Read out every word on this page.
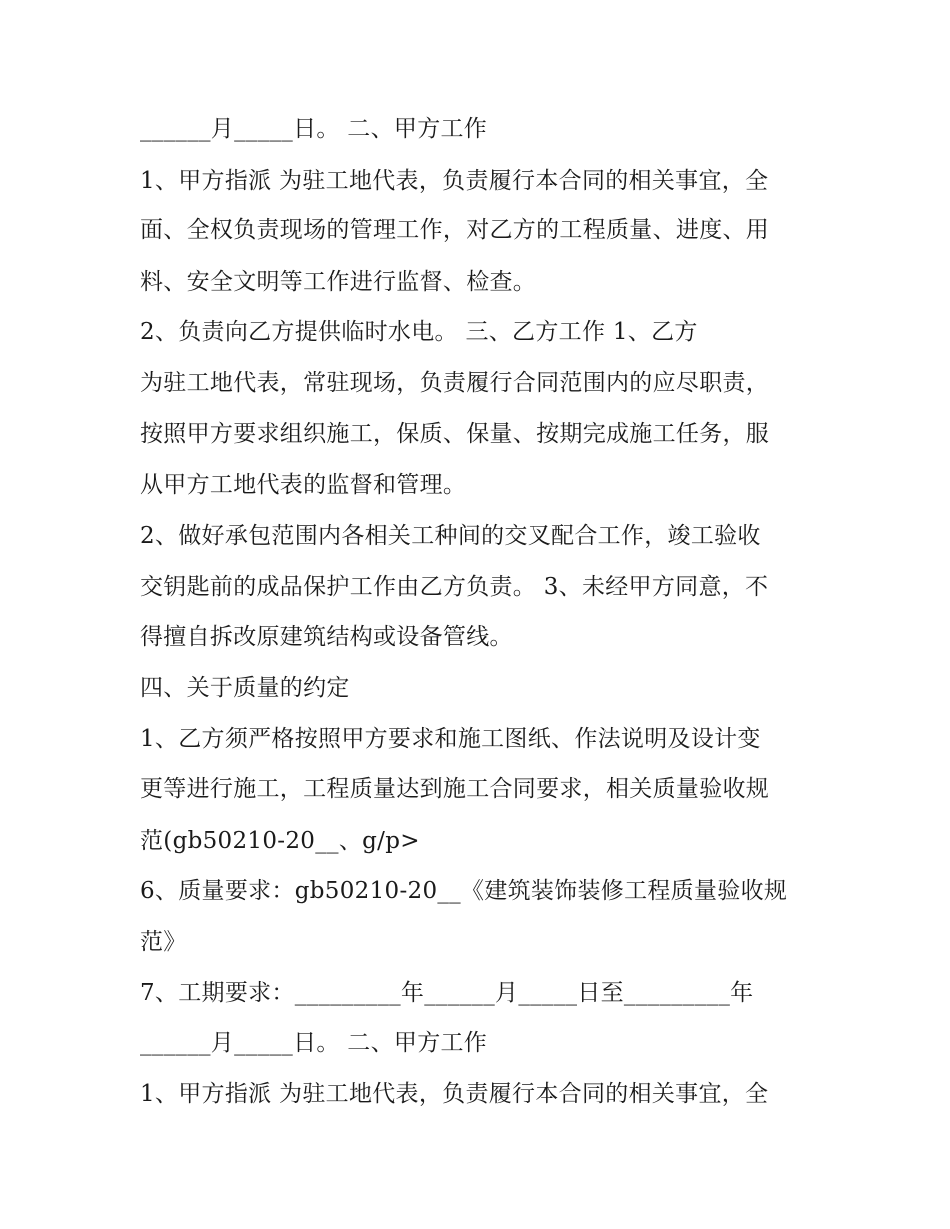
______月_____日。 二、甲方工作
1、甲方指派 为驻工地代表，负责履行本合同的相关事宜，全
面、全权负责现场的管理工作，对乙方的工程质量、进度、用
料、安全文明等工作进行监督、检查。
2、负责向乙方提供临时水电。 三、乙方工作 1、乙方
为驻工地代表，常驻现场，负责履行合同范围内的应尽职责，
按照甲方要求组织施工，保质、保量、按期完成施工任务，服
从甲方工地代表的监督和管理。
2、做好承包范围内各相关工种间的交叉配合工作，竣工验收
交钥匙前的成品保护工作由乙方负责。 3、未经甲方同意，不
得擅自拆改原建筑结构或设备管线。
四、关于质量的约定
1、乙方须严格按照甲方要求和施工图纸、作法说明及设计变
更等进行施工，工程质量达到施工合同要求，相关质量验收规
范(gb50210-20__、g/p>
6、质量要求：gb50210-20__《建筑装饰装修工程质量验收规
范》
7、工期要求：_________年______月_____日至_________年
______月_____日。 二、甲方工作
1、甲方指派 为驻工地代表，负责履行本合同的相关事宜，全
